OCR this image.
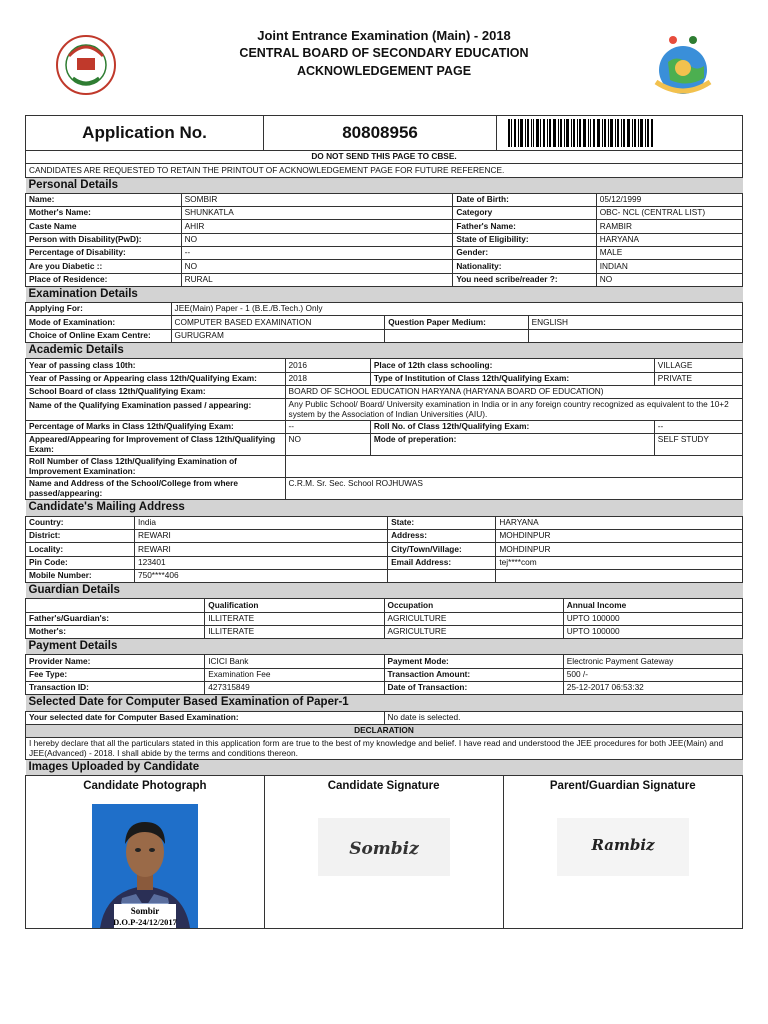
Joint Entrance Examination (Main) - 2018
CENTRAL BOARD OF SECONDARY EDUCATION
ACKNOWLEDGEMENT PAGE
Application No.	80808956	

DO NOT SEND THIS PAGE TO CBSE.
CANDIDATES ARE REQUESTED TO RETAIN THE PRINTOUT OF ACKNOWLEDGEMENT PAGE FOR FUTURE REFERENCE.
Personal Details			
Name:	SOMBIR	Date of Birth:	05/12/1999
Mother's Name:	SHUNKATLA	Category	OBC- NCL (CENTRAL LIST)
Caste Name	AHIR	Father's Name:	RAMBIR
Person with Disability(PwD):	NO	State of Eligibility:	HARYANA
Percentage of Disability:	--	Gender:	MALE
Are you Diabetic ::	NO	Nationality:	INDIAN
Place of Residence:	RURAL	You need scribe/reader ?:	NO
Examination Details			
Applying For:	JEE(Main) Paper - 1 (B.E./B.Tech.) Only		
Mode of Examination:	COMPUTER BASED EXAMINATION	Question Paper Medium:	ENGLISH
Choice of Online Exam Centre:	GURUGRAM		
Academic Details			
Year of passing class 10th:	2016	Place of 12th class schooling:	VILLAGE
Year of Passing or Appearing class 12th/Qualifying Exam:	2018	Type of Institution of Class 12th/Qualifying Exam:	PRIVATE
School Board of class 12th/Qualifying Exam:	BOARD OF SCHOOL EDUCATION HARYANA (HARYANA BOARD OF EDUCATION)		
Name of the Qualifying Examination passed / appearing:	Any Public School/ Board/ University examination in India or in any foreign country recognized as equivalent to the 10+2 system by the Association of Indian Universities (AIU).		
Percentage of Marks in Class 12th/Qualifying Exam:	--	Roll No. of Class 12th/Qualifying Exam:	--
Appeared/Appearing for Improvement of Class 12th/Qualifying Exam:	NO	Mode of preperation:	SELF STUDY
Roll Number of Class 12th/Qualifying Examination of Improvement Examination:			
Name and Address of the School/College from where passed/appearing:	C.R.M. Sr. Sec. School ROJHUWAS		
Candidate's Mailing Address			
Country:	India	State:	HARYANA
District:	REWARI	Address:	MOHDINPUR
Locality:	REWARI	City/Town/Village:	MOHDINPUR
Pin Code:	123401	Email Address:	tej****com
Mobile Number:	750****406		
Guardian Details			
	Qualification	Occupation	Annual Income
Father's/Guardian's:	ILLITERATE	AGRICULTURE	UPTO 100000
Mother's:	ILLITERATE	AGRICULTURE	UPTO 100000
Payment Details			
Provider Name:	ICICI Bank	Payment Mode:	Electronic Payment Gateway
Fee Type:	Examination Fee	Transaction Amount:	500 /-
Transaction ID:	427315849	Date of Transaction:	25-12-2017 06:53:32
Selected Date for Computer Based Examination of Paper-1
Your selected date for Computer Based Examination:	No date is selected.
DECLARATION
I hereby declare that all the particulars stated in this application form are true to the best of my knowledge and belief. I have read and understood the JEE procedures for both JEE(Main) and JEE(Advanced) - 2018. I shall abide by the terms and conditions thereon.
Images Uploaded by Candidate
Candidate Photograph
Sombir
D.O.P-24/12/2017

Candidate Signature
Sombiz

Parent/Guardian Signature
Rambiz
